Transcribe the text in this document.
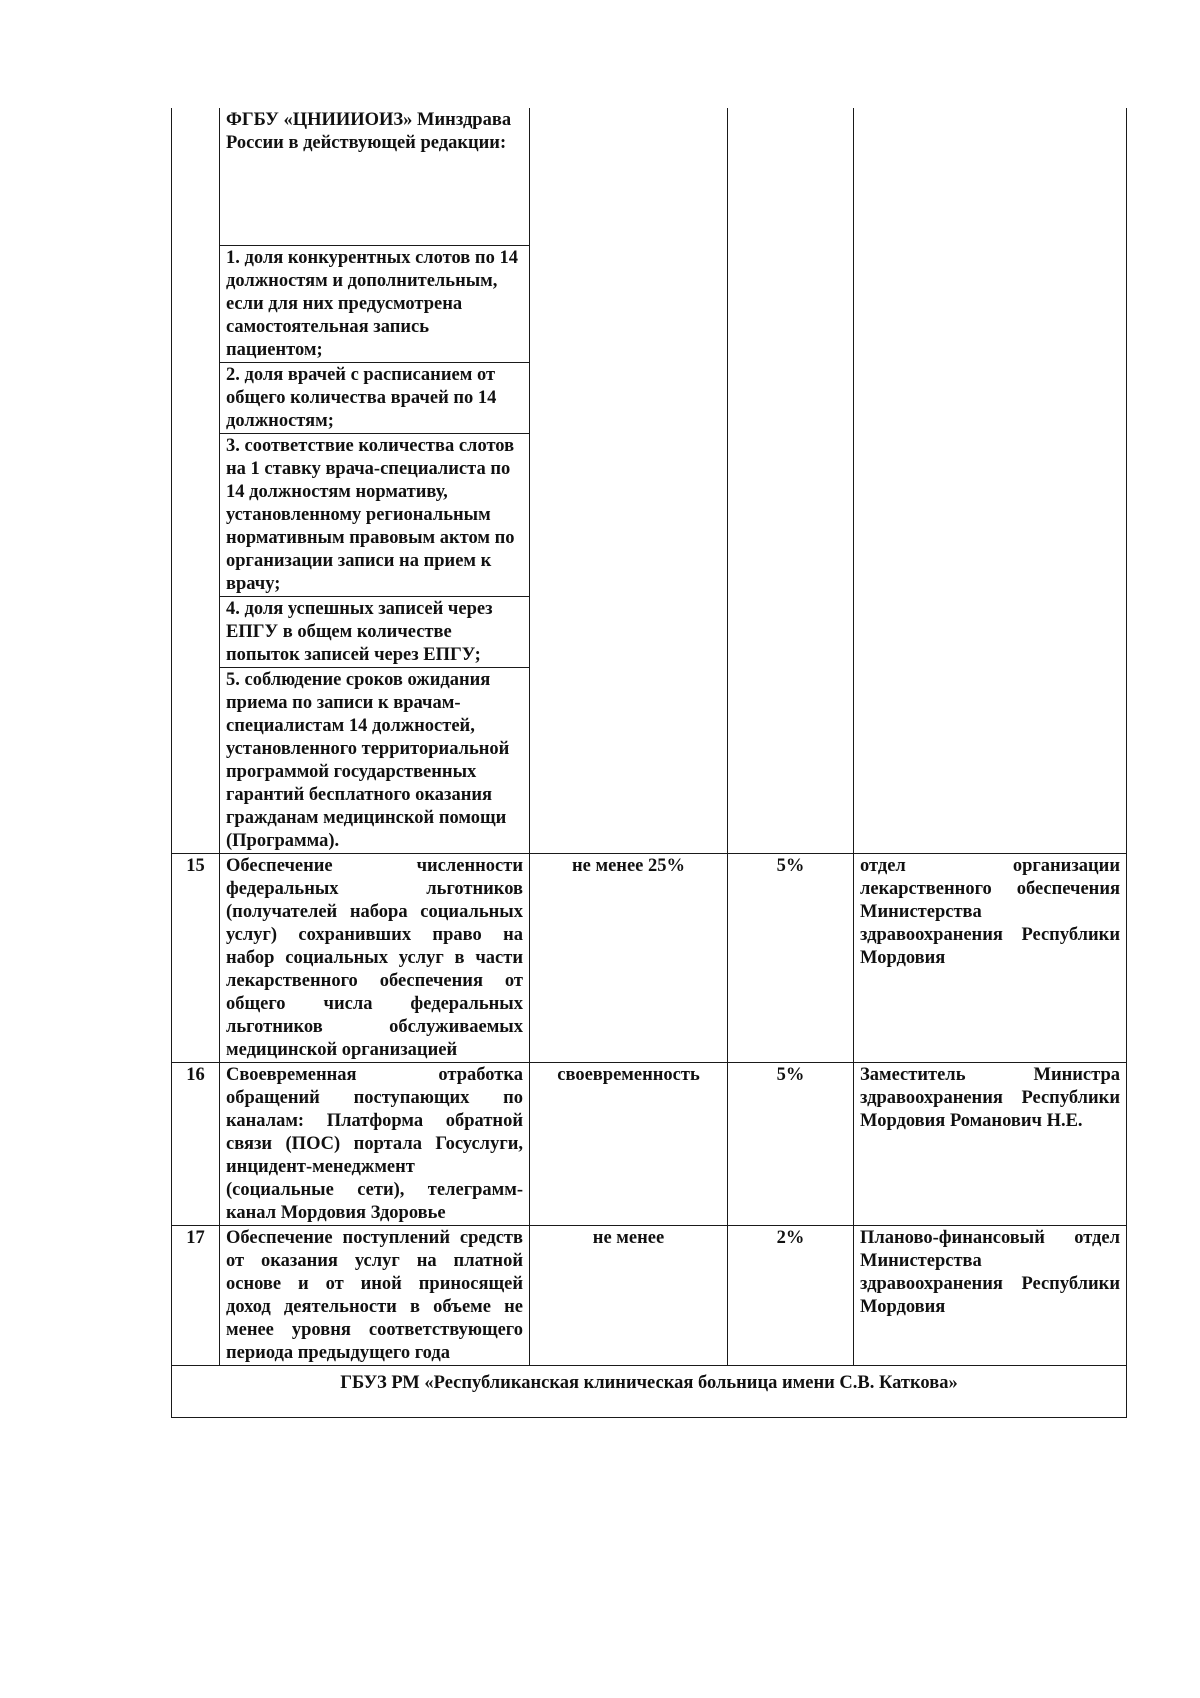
	ФГБУ «ЦНИИИОИЗ» Минздрава России в действующей редакции:			
	1. доля конкурентных слотов по 14 должностям и дополнительным, если для них предусмотрена самостоятельная запись пациентом;			
	2. доля врачей с расписанием от общего количества врачей по 14 должностям;			
	3. соответствие количества слотов на 1 ставку врача-специалиста по 14 должностям нормативу, установленному региональным нормативным правовым актом по организации записи на прием к врачу;			
	4. доля успешных записей через ЕПГУ в общем количестве попыток записей через ЕПГУ;			
	5. соблюдение сроков ожидания приема по записи к врачам-специалистам 14 должностей, установленного территориальной программой государственных гарантий бесплатного оказания гражданам медицинской помощи (Программа).			
15	Обеспечение численности федеральных льготников (получателей набора социальных услуг) сохранивших право на набор социальных услуг в части лекарственного обеспечения от общего числа федеральных льготников обслуживаемых медицинской организацией	не менее 25%	5%	отдел организации лекарственного обеспечения Министерства здравоохранения Республики Мордовия
16	Своевременная отработка обращений поступающих по каналам: Платформа обратной связи (ПОС) портала Госуслуги, инцидент-менеджмент (социальные сети), телеграмм-канал Мордовия Здоровье	своевременность	5%	Заместитель Министра здравоохранения Республики Мордовия Романович Н.Е.
17	Обеспечение поступлений средств от оказания услуг на платной основе и от иной приносящей доход деятельности в объеме не менее уровня соответствующего периода предыдущего года	не менее	2%	Планово-финансовый отдел Министерства здравоохранения Республики Мордовия
ГБУЗ РМ «Республиканская клиническая больница имени С.В. Каткова»				
